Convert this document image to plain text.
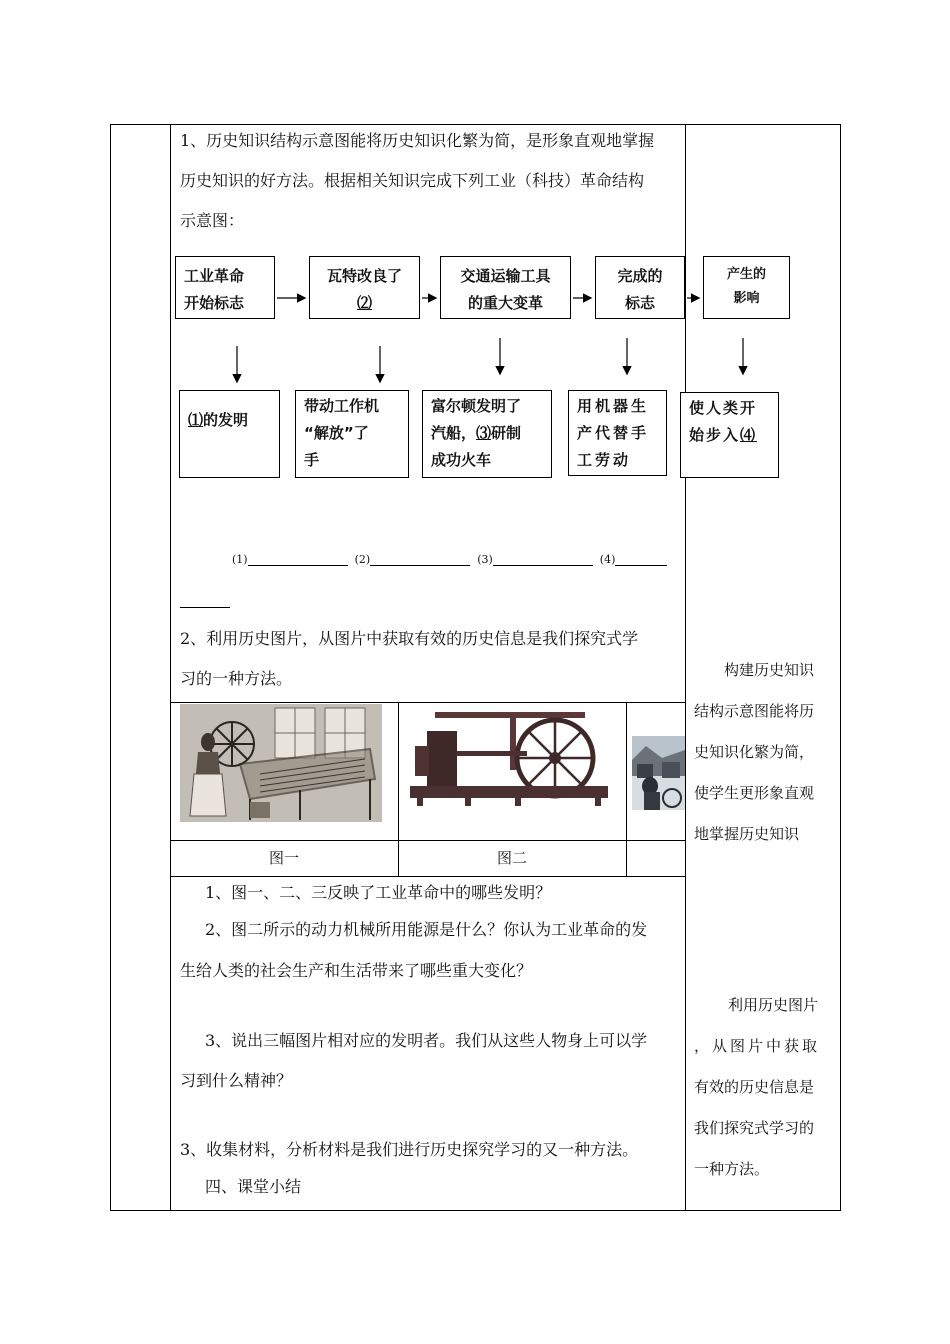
1、历史知识结构示意图能将历史知识化繁为简，是形象直观地掌握
历史知识的好方法。根据相关知识完成下列工业（科技）革命结构
示意图：
工业革命
开始标志
瓦特改良了
⑵
交通运输工具
的重大变革
完成的
标志
产生的
影响
⑴的发明
带动工作机
“解放”了
手
富尔顿发明了
汽船，⑶研制
成功火车
用机器生
产代替手
工劳动
使人类开
始步入⑷
(1)	(2)	(3)	(4)
2、利用历史图片，从图片中获取有效的历史信息是我们探究式学
习的一种方法。
图一	图二
1、图一、二、三反映了工业革命中的哪些发明？
2、图二所示的动力机械所用能源是什么？你认为工业革命的发
生给人类的社会生产和生活带来了哪些重大变化？
3、说出三幅图片相对应的发明者。我们从这些人物身上可以学
习到什么精神？
3、收集材料，分析材料是我们进行历史探究学习的又一种方法。
四、课堂小结
构建历史知识
结构示意图能将历
史知识化繁为简，
使学生更形象直观
地掌握历史知识
利用历史图片
，从图片中获取
有效的历史信息是
我们探究式学习的
一种方法。
